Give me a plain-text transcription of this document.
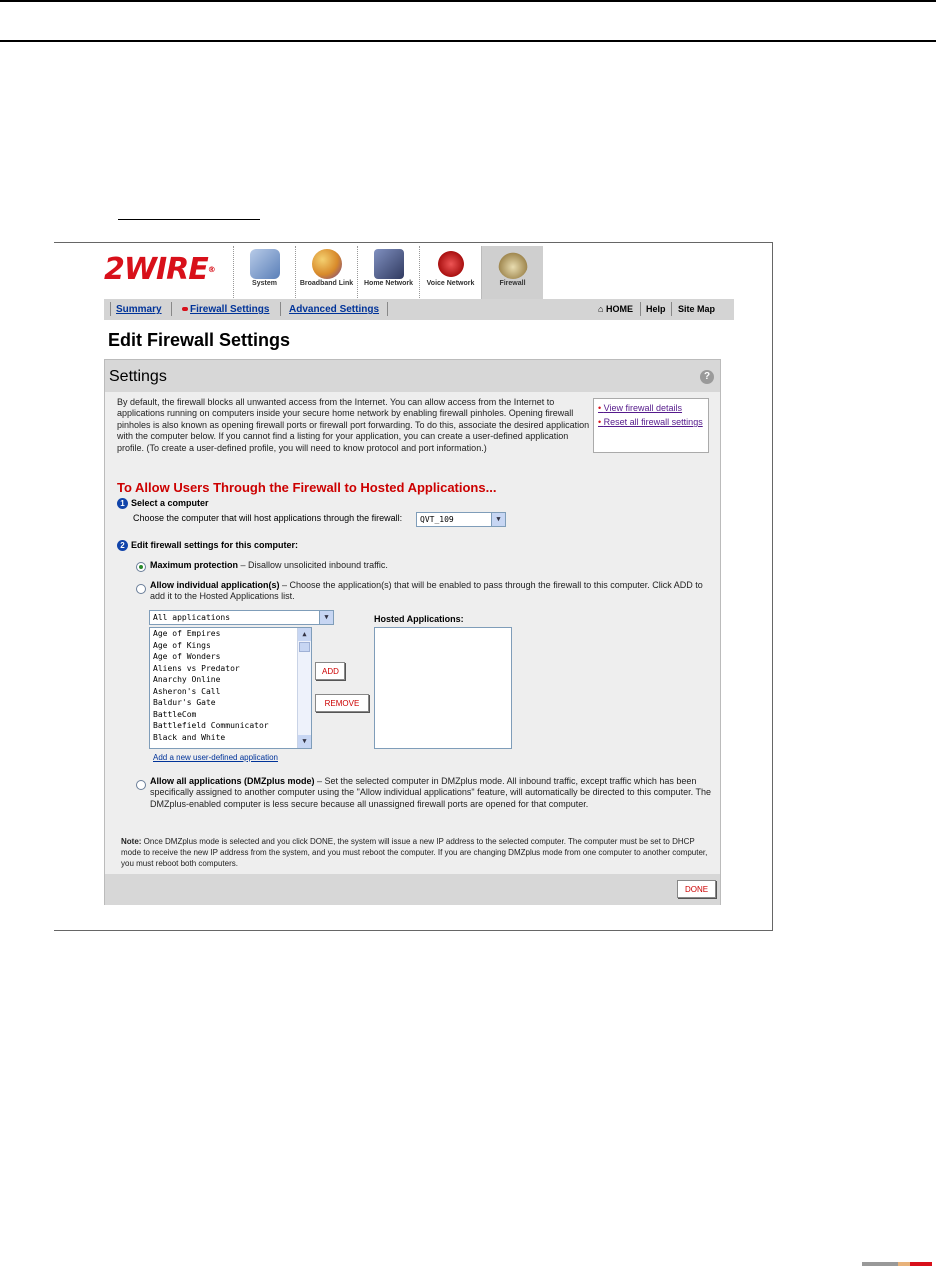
2WIRE®
System	Broadband Link	Home Network	Voice Network	Firewall
Summary	Firewall Settings Advanced Settings	⌂ HOME Help Site Map
Edit Firewall Settings
Settings	?
By default, the firewall blocks all unwanted access from the Internet. You can allow access from the Internet to applications running on computers inside your secure home network by enabling firewall pinholes. Opening firewall pinholes is also known as opening firewall ports or firewall port forwarding. To do this, associate the desired application with the computer below. If you cannot find a listing for your application, you can create a user-defined application profile. (To create a user-defined profile, you will need to know protocol and port information.)
• View firewall details
• Reset all firewall settings
To Allow Users Through the Firewall to Hosted Applications...
1 Select a computer
Choose the computer that will host applications through the firewall:	QVT_109	▼
2 Edit firewall settings for this computer:
Maximum protection – Disallow unsolicited inbound traffic.
Allow individual application(s) – Choose the application(s) that will be enabled to pass through the firewall to this computer. Click ADD to add it to the Hosted Applications list.
All applications	▼
Age of Empires
Age of Kings
Age of Wonders
Aliens vs Predator
Anarchy Online
Asheron's Call
Baldur's Gate
BattleCom
Battlefield Communicator
Black and White
▲
▼
ADD
REMOVE
Hosted Applications:
Add a new user-defined application
Allow all applications (DMZplus mode) – Set the selected computer in DMZplus mode. All inbound traffic, except traffic which has been specifically assigned to another computer using the "Allow individual applications" feature, will automatically be directed to this computer. The DMZplus-enabled computer is less secure because all unassigned firewall ports are opened for that computer.
Note: Once DMZplus mode is selected and you click DONE, the system will issue a new IP address to the selected computer. The computer must be set to DHCP mode to receive the new IP address from the system, and you must reboot the computer. If you are changing DMZplus mode from one computer to another computer, you must reboot both computers.
DONE
